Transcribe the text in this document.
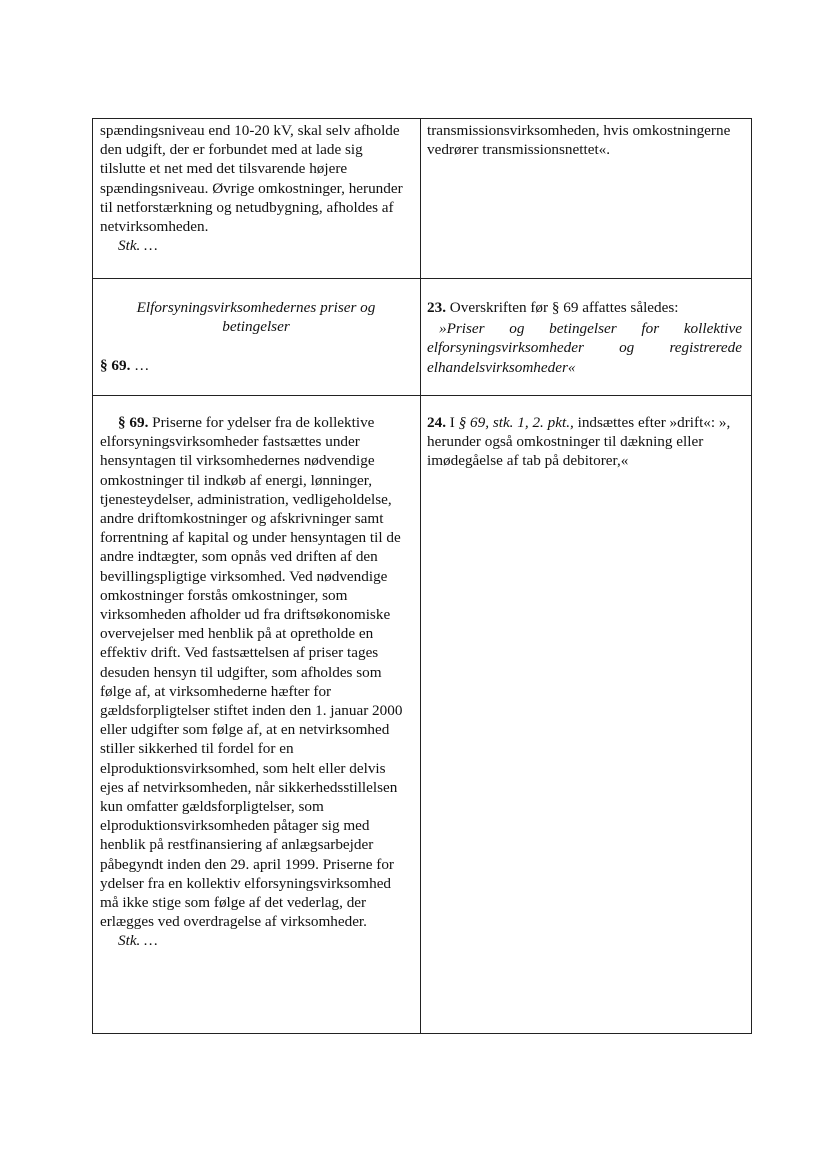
spændingsniveau end 10-20 kV, skal selv afholde den udgift, der er forbundet med at lade sig tilslutte et net med det tilsvarende højere spændingsniveau. Øvrige omkostninger, herunder til netforstærkning og netudbygning, afholdes af netvirksomheden.

Stk. …

transmissionsvirksomheden, hvis omkostningerne vedrører transmissionsnettet«.

Elforsyningsvirksomhedernes priser og

betingelser

§ 69. …

23. Overskriften før § 69 affattes således:

»Priser og betingelser for kollektive

elforsyningsvirksomheder og registrerede

elhandelsvirksomheder«

§ 69. Priserne for ydelser fra de kollektive elforsyningsvirksomheder fastsættes under hensyntagen til virksomhedernes nødvendige omkostninger til indkøb af energi, lønninger, tjenesteydelser, administration, vedligeholdelse, andre driftomkostninger og afskrivninger samt forrentning af kapital og under hensyntagen til de andre indtægter, som opnås ved driften af den bevillingspligtige virksomhed. Ved nødvendige omkostninger forstås omkostninger, som virksomheden afholder ud fra driftsøkonomiske overvejelser med henblik på at opretholde en effektiv drift. Ved fastsættelsen af priser tages desuden hensyn til udgifter, som afholdes som følge af, at virksomhederne hæfter for gældsforpligtelser stiftet inden den 1. januar 2000 eller udgifter som følge af, at en netvirksomhed stiller sikkerhed til fordel for en elproduktionsvirksomhed, som helt eller delvis ejes af netvirksomheden, når sikkerhedsstillelsen kun omfatter gældsforpligtelser, som elproduktionsvirksomheden påtager sig med henblik på restfinansiering af anlægsarbejder påbegyndt inden den 29. april 1999. Priserne for ydelser fra en kollektiv elforsyningsvirksomhed må ikke stige som følge af det vederlag, der erlægges ved overdragelse af virksomheder.

Stk. …

24. I § 69, stk. 1, 2. pkt., indsættes efter »drift«: », herunder også omkostninger til dækning eller imødegåelse af tab på debitorer,«
